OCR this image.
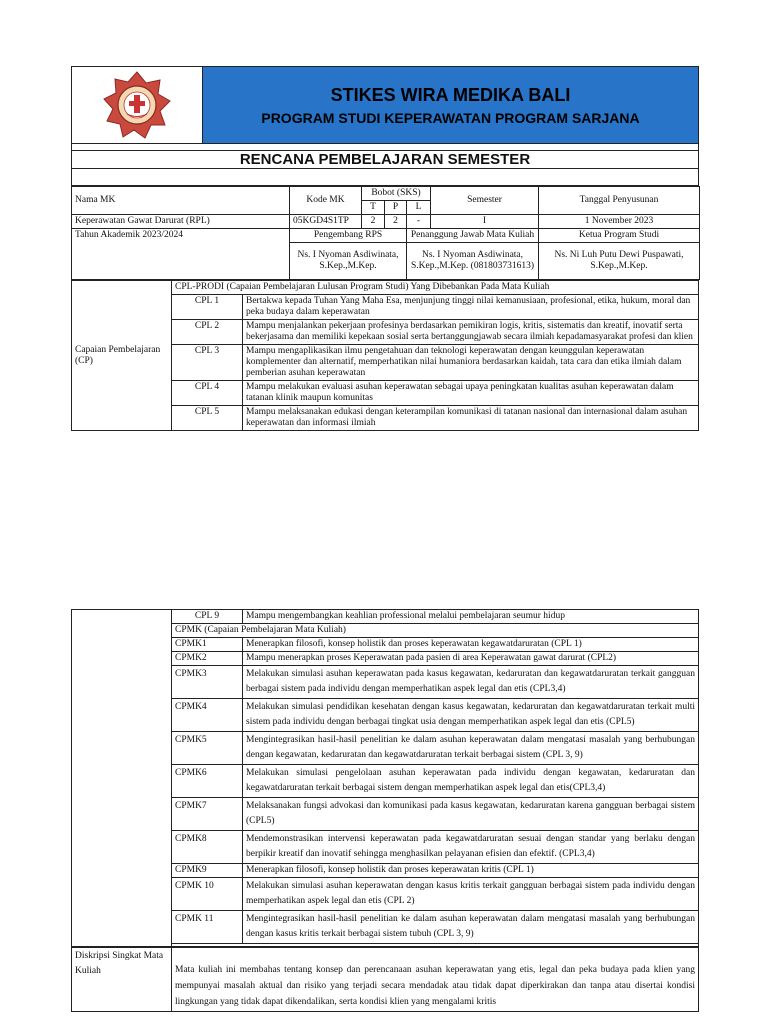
STIKES WIRA MEDIKA BALI
PROGRAM STUDI KEPERAWATAN PROGRAM SARJANA

RENCANA PEMBELAJARAN SEMESTER

Nama MK	Kode MK	Bobot (SKS)			Semester	Tanggal Penyusunan
		T	P	L		
Keperawatan Gawat Darurat (RPL)	05KGD4S1TP	2	2	-	I	1 November 2023
Tahun Akademik 2023/2024	Pengembang RPS			Penanggung Jawab Mata Kuliah		Ketua Program Studi
	Ns. I Nyoman Asdiwinata, S.Kep.,M.Kep.			Ns. I Nyoman Asdiwinata, S.Kep.,M.Kep. (081803731613)		Ns. Ni Luh Putu Dewi Puspawati, S.Kep.,M.Kep.
Capaian Pembelajaran (CP)	CPL-PRODI (Capaian Pembelajaran Lulusan Program Studi) Yang Dibebankan Pada Mata Kuliah	
	CPL 1	Bertakwa kepada Tuhan Yang Maha Esa, menjunjung tinggi nilai kemanusiaan, profesional, etika, hukum, moral dan peka budaya dalam keperawatan
	CPL 2	Mampu menjalankan pekerjaan profesinya berdasarkan pemikiran logis, kritis, sistematis dan kreatif, inovatif serta bekerjasama dan memiliki kepekaan sosial serta bertanggungjawab secara ilmiah kepadamasyarakat profesi dan klien
	CPL 3	Mampu mengaplikasikan ilmu pengetahuan dan teknologi keperawatan dengan keunggulan keperawatan komplementer dan alternatif, memperhatikan nilai humaniora berdasarkan kaidah, tata cara dan etika ilmiah dalam pemberian asuhan keperawatan
	CPL 4	Mampu melakukan evaluasi asuhan keperawatan sebagai upaya peningkatan kualitas asuhan keperawatan dalam tatanan klinik maupun komunitas
	CPL 5	Mampu melaksanakan edukasi dengan keterampilan komunikasi di tatanan nasional dan internasional dalam asuhan keperawatan dan informasi ilmiah
	CPL 9	Mampu mengembangkan keahlian professional melalui pembelajaran seumur hidup
	CPMK (Capaian Pembelajaran Mata Kuliah)	
	CPMK1	Menerapkan filosofi, konsep holistik dan proses keperawatan kegawatdaruratan (CPL 1)
	CPMK2	Mampu menerapkan proses Keperawatan pada pasien di area Keperawatan gawat darurat (CPL2)
	CPMK3	Melakukan simulasi asuhan keperawatan pada kasus kegawatan, kedaruratan dan kegawatdaruratan terkait gangguan berbagai sistem pada individu dengan memperhatikan aspek legal dan etis (CPL3,4)
	CPMK4	Melakukan simulasi pendidikan kesehatan dengan kasus kegawatan, kedaruratan dan kegawatdaruratan terkait multi sistem pada individu dengan berbagai tingkat usia dengan memperhatikan aspek legal dan etis (CPL5)
	CPMK5	Mengintegrasikan hasil-hasil penelitian ke dalam asuhan keperawatan dalam mengatasi masalah yang berhubungan dengan kegawatan, kedaruratan dan kegawatdaruratan terkait berbagai sistem (CPL 3, 9)
	CPMK6	Melakukan simulasi pengelolaan asuhan keperawatan pada individu dengan kegawatan, kedaruratan dan kegawatdaruratan terkait berbagai sistem dengan memperhatikan aspek legal dan etis(CPL3,4)
	CPMK7	Melaksanakan fungsi advokasi dan komunikasi pada kasus kegawatan, kedaruratan karena gangguan berbagai sistem (CPL5)
	CPMK8	Mendemonstrasikan intervensi keperawatan pada kegawatdaruratan sesuai dengan standar yang berlaku dengan berpikir kreatif dan inovatif sehingga menghasilkan pelayanan efisien dan efektif. (CPL3,4)
	CPMK9	Menerapkan filosofi, konsep holistik dan proses keperawatan kritis (CPL 1)
	CPMK 10	Melakukan simulasi asuhan keperawatan dengan kasus kritis terkait gangguan berbagai sistem pada individu dengan memperhatikan aspek legal dan etis (CPL 2)
	CPMK 11	Mengintegrasikan hasil-hasil penelitian ke dalam asuhan keperawatan dalam mengatasi masalah yang berhubungan dengan kasus kritis terkait berbagai sistem tubuh (CPL 3, 9)

Diskripsi Singkat Mata Kuliah	Mata kuliah ini membahas tentang konsep dan perencanaan asuhan keperawatan yang etis, legal dan peka budaya pada klien yang mempunyai masalah aktual dan risiko yang terjadi secara mendadak atau tidak dapat diperkirakan dan tanpa atau disertai kondisi lingkungan yang tidak dapat dikendalikan, serta kondisi klien yang mengalami kritis
